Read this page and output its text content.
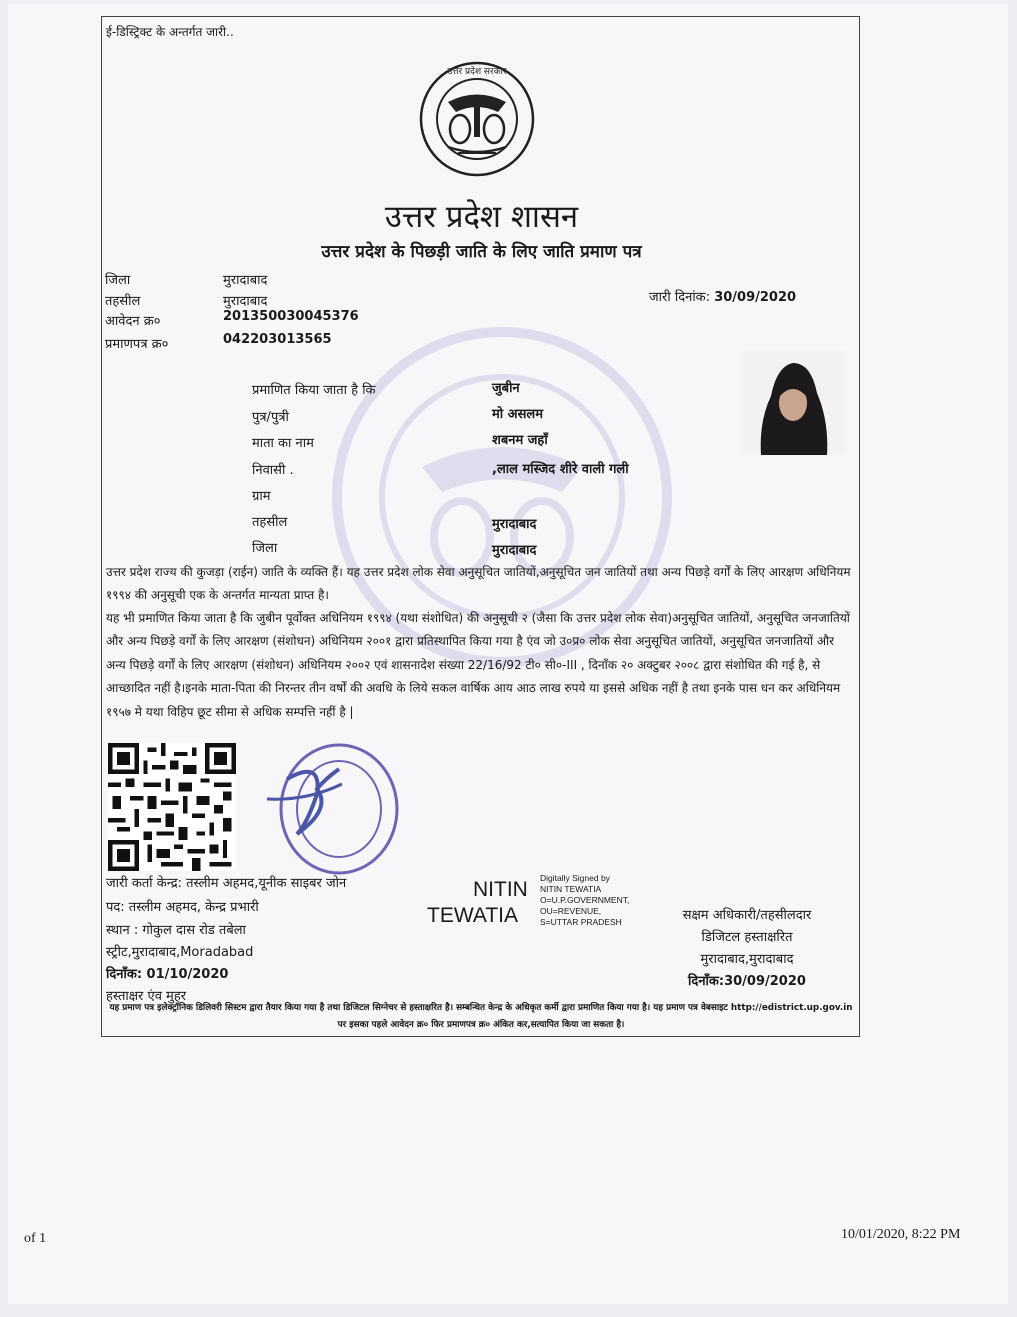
ई-डिस्ट्रिक्ट के अन्तर्गत जारी..
उत्तर प्रदेश सरकार
उत्तर प्रदेश शासन
उत्तर प्रदेश के पिछड़ी जाति के लिए जाति प्रमाण पत्र
जिला	मुरादाबाद
तहसील	मुरादाबाद
आवेदन क्र०	201350030045376
प्रमाणपत्र क्र०	042203013565
जारी दिनांक: 30/09/2020
प्रमाणित किया जाता है कि	जुबीन
पुत्र/पुत्री	मो असलम
माता का नाम	शबनम जहाँ
निवासी .	,लाल मस्जिद शीरे वाली गली
ग्राम
तहसील	मुरादाबाद
जिला	मुरादाबाद
उत्तर प्रदेश राज्य की कुजड़ा (राईन) जाति के व्यक्ति हैं। यह उत्तर प्रदेश लोक सेवा अनुसूचित जातियों,अनुसूचित जन जातियों तथा अन्य पिछड़े वर्गों के लिए आरक्षण अधिनियम १९९४ की अनुसूची एक के अन्तर्गत मान्यता प्राप्त है।
यह भी प्रमाणित किया जाता है कि जुबीन पूर्वोक्त अधिनियम १९९४ (यथा संशोधित) की अनुसूची २ (जैसा कि उत्तर प्रदेश लोक सेवा)अनुसूचित जातियों, अनुसूचित जनजातियों और अन्य पिछड़े वर्गों के लिए आरक्षण (संशोधन) अधिनियम २००१ द्वारा प्रतिस्थापित किया गया है एंव जो उ०प्र० लोक सेवा अनुसूचित जातियों, अनुसूचित जनजातियों और अन्य पिछड़े वर्गों के लिए आरक्षण (संशोधन) अधिनियम २००२ एवं शासनादेश संख्या 22/16/92 टी० सी०-III , दिनाँक २० अक्टुबर २००८ द्वारा संशोधित की गई है, से आच्छादित नहीं है।इनके माता-पिता की निरन्तर तीन वर्षों की अवधि के लिये सकल वार्षिक आय आठ लाख रुपये या इससे अधिक नहीं है तथा इनके पास धन कर अधिनियम १९५७ मे यथा विहिप छूट सीमा से अधिक सम्पत्ति नहीं है |
जारी कर्ता केन्द्र: तस्लीम अहमद,यूनीक साइबर जोन
पद: तस्लीम अहमद, केन्द्र प्रभारी
स्थान : गोकुल दास रोड तबेला
स्ट्रीट,मुरादाबाद,Moradabad
दिनाँक: 01/10/2020
हस्ताक्षर एंव मुहर
NITIN
TEWATIA
Digitally Signed by
NITIN TEWATIA
O=U.P.GOVERNMENT,
OU=REVENUE,
S=UTTAR PRADESH	सक्षम अधिकारी/तहसीलदार
डिजिटल हस्ताक्षरित
मुरादाबाद,मुरादाबाद
दिनाँक:30/09/2020
यह प्रमाण पत्र इलेक्ट्रॉनिक डिलिवरी सिस्टम द्वारा तैयार किया गया है तथा डिजिटल सिग्नेचर से हस्ताक्षरित है। सम्बन्धित केन्द्र के अधिकृत कर्मी द्वारा प्रमाणित किया गया है। यह प्रमाण पत्र वेबसाइट http://edistrict.up.gov.in पर इसका पहले आवेदन क्र० फिर प्रमाणपत्र क्र० अंकित कर,सत्यापित किया जा सकता है।
of 1	10/01/2020, 8:22 PM
